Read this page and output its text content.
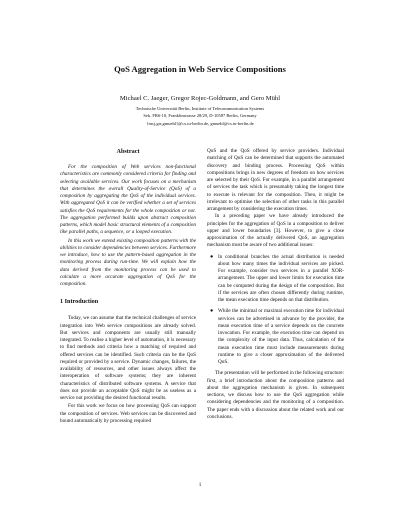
QoS Aggregation in Web Service Compositions
Michael C. Jaeger, Gregor Rojec-Goldmann, and Gero Mühl
Technische Universität Berlin, Institute of Telecommunication Systems
Sek. FR6-10, Franklinstrasse 28/29, D-10587 Berlin, Germany
{mcj,grr,gmuehl}@cs.tu-berlin.de, gmuehl@cs.tu-berlin.de
Abstract

For the composition of Web services non-functional characteristics are commonly considered criteria for finding and selecting available services. Our work focuses on a mechanism that determines the overall Quality-of-Service (QoS) of a composition by aggregating the QoS of the individual services. With aggregated QoS it can be verified whether a set of services satisfies the QoS requirements for the whole composition or not. The aggregation performed builds upon abstract composition patterns, which model basic structural elements of a composition like parallel paths, a sequence, or a looped execution.

In this work we extend existing composition patterns with the abilities to consider dependencies between services. Furthermore we introduce, how to use the pattern-based aggregation in the monitoring process during run-time. We will explain how the data derived from the monitoring process can be used to calculate a more accurate aggregation of QoS for the composition.

1 Introduction

Today, we can assume that the technical challenges of service integration into Web service compositions are already solved. But services and components are usually still manually integrated. To realise a higher level of automation, it is necessary to find methods and criteria how a matching of required and offered services can be identified. Such criteria can be the QoS required or provided by a service. Dynamic changes, failures, the availability of resources, and other issues always affect the interoperation of software systems; they are inherent characteristics of distributed software systems. A service that does not provide an acceptable QoS might be as useless as a service not providing the desired functional results.

For this work we focus on how processing QoS can support the composition of services. Web services can be discovered and bound automatically by processing required

QoS and the QoS offered by service providers. Individual matching of QoS can be determined that supports the automated discovery and binding process. Processing QoS within compositions brings in new degrees of freedom on how services are selected by their QoS. For example, in a parallel arrangement of services the task which is presumably taking the longest time to execute is relevant for the composition. Then, it might be irrelevant to optimise the selection of other tasks in this parallel arrangement by considering the execution times.

In a preceding paper we have already introduced the principles for the aggregation of QoS in a composition to deliver upper and lower boundaries [3]. However, to give a close approximation of the actually delivered QoS, an aggregation mechanism must be aware of two additional issues:

● In conditional branches the actual distribution is needed about how many times the individual services are picked. For example, consider two services in a parallel XOR-arrangement. The upper and lower limits for execution time can be computed during the design of the composition. But if the services are often chosen differently during runtime, the mean execution time depends on that distribution.
● While the minimal or maximal execution time for individual services can be advertised in advance by the provider, the mean execution time of a service depends on the concrete invocation. For example, the execution time can depend on the complexity of the input data. Thus, calculation of the mean execution time must include measurements during runtime to give a closer approximation of the delivered QoS.

The presentation will be performed in the following structure: first, a brief introduction about the composition patterns and about the aggregation mechanism is given. In subsequent sections, we discuss how to use the QoS aggregation while considering dependencies and the monitoring of a composition. The paper ends with a discussion about the related work and our conclusions.

1
